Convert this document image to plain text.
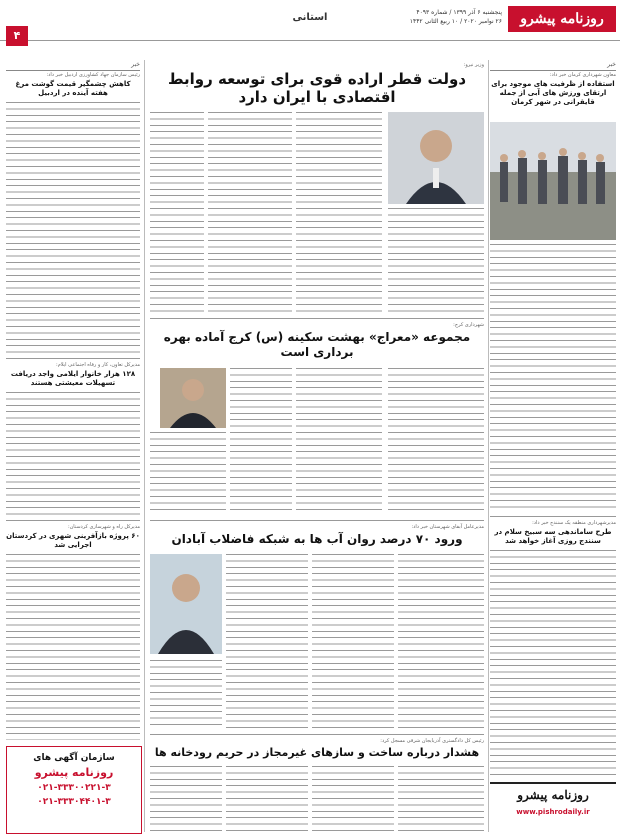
روزنامه پیشرو
پنجشنبه ۶ آذر ۱۳۹۹ / شماره ۴۰۹۳
۲۶ نوامبر ۲۰۲۰ / ۱۰ ربیع الثانی ۱۴۴۲
استانی
۴
خبر
معاون شهرداری کرمان خبر داد:
استفاده از ظرفیت های موجود برای ارتقای ورزش های آبی از جمله قایقرانی در شهر کرمان
مدیرشهرداری منطقه یک سنندج خبر داد:
طرح ساماندهی سه سبیخ سلام در سنندج روزی آغاز خواهد شد
روزنامه پیشرو
www.pishrodaily.ir
وزیر نیرو:
دولت قطر اراده قوی برای توسعه روابط اقتصادی با ایران دارد
شهرداری کرج:
مجموعه «معراج» بهشت سکینه (س) کرج آماده بهره برداری است
مدیرعامل آبفای شهرستان خبر داد:
ورود ۷۰ درصد روان آب ها به شبکه فاضلاب آبادان
رئیس کل دادگستری آذربایجان شرقی مسجل کرد:
هشدار درباره ساخت و سازهای غیرمجاز در حریم رودخانه ها
خبر
رئیس سازمان جهاد کشاورزی اردبیل خبر داد:
کاهش چشمگیر قیمت گوشت مرغ هفته آینده در اردبیل
مدیرکل تعاون، کار و رفاه اجتماعی ایلام:
۱۲۸ هزار خانوار ایلامی واجد دریافت تسهیلات معیشتی هستند
مدیرکل راه و شهرسازی کردستان:
۶۰ پروژه بازآفرینی شهری در کردستان اجرایی شد
سازمان آگهی های
روزنامه پیشرو
۰۲۱-۳۳۳۰۰۲۲۱-۳
۰۲۱-۳۳۳۰۴۴۰۱-۳
